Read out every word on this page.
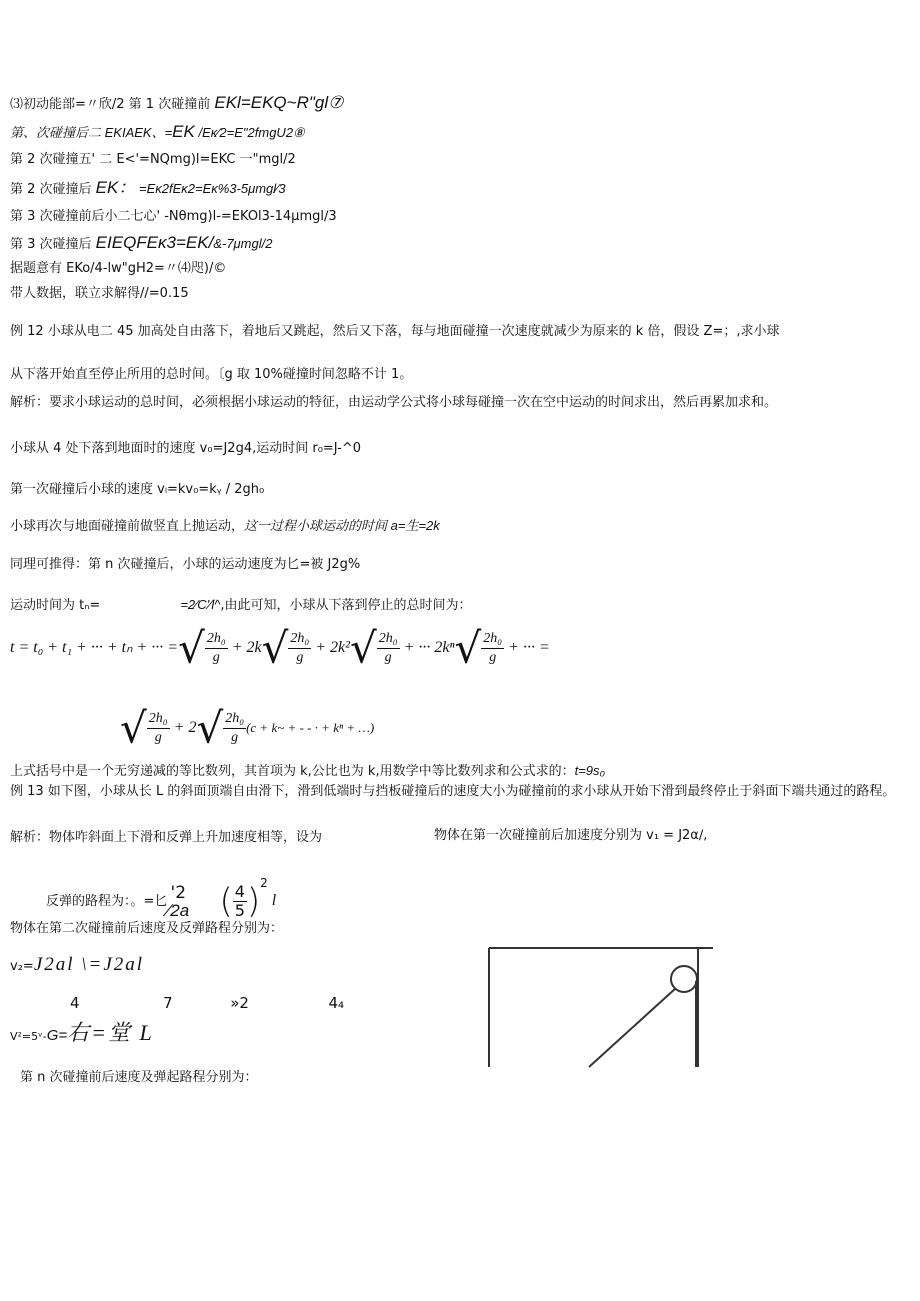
⑶初动能部=〃欣/2 第 1 次碰撞前 EKl=EKQ~R"gl⑦
第、次碰撞后二 EKIAEK、=EK /Eκ∕2=E"2fmgU2⑧
第 2 次碰撞五' 二 E<'=NQmg)l=EKC 一"mgl/2
第 2 次碰撞后 EK： =Eκ2fEκ2=Eκ%3-5μmgl∕3
第 3 次碰撞前后小二七心' -Nθmg)l-=EKOl3-14μmgl∕3
第 3 次碰撞后 EIEQFEκ3=EK/&-7μmgl/2
据题意有 EKo/4-lw"gH2=〃⑷咫)/©
带人数据，联立求解得//=0.15
例 12 小球从电二 45 加高处自由落下，着地后又跳起，然后又下落，每与地面碰撞一次速度就减少为原来的 k 倍，假设 Z=；,求小球
从下落开始直至停止所用的总时间。〔g 取 10%碰撞时间忽略不计 1。
解析：要求小球运动的总时间，必须根据小球运动的特征，由运动学公式将小球每碰撞一次在空中运动的时间求出，然后再累加求和。
小球从 4 处下落到地面时的速度 v₀=J2g4,运动时间 r₀=J-^0
第一次碰撞后小球的速度 vₗ=kv₀=kᵧ / 2gh₀
小球再次与地面碰撞前做竖直上抛运动，这一过程小球运动的时间 a=生=2k
同理可推得：第 n 次碰撞后，小球的运动速度为匕=被 J2g%
运动时间为 tₙ=	=2∕C'∕l^,由此可知，小球从下落到停止的总时间为：
t = t₀ + t₁ + ··· + tₙ + ··· =√ $\frac{\text{2h₀}}{g} + 2k√ \frac{\text{2h₀}}{g} + 2k^2√ \frac{\text{2h₀}}{g}$ + ··· $2k^n√ \frac{\text{2h₀}}{g}$ + ··· =
√ $\frac{\text{2h₀}}{g} + 2√ \frac{\text{2h₀}}{g} (c$ + k~ + - - · + kⁿ + …)
上式括号中是一个无穷递减的等比数列，其首项为 k,公比也为 k,用数学中等比数列求和公式求的：t=9s₀
例 13 如下图，小球从长 L 的斜面顶端自由滑下，滑到低端时与挡板碰撞后的速度大小为碰撞前的求小球从开始下滑到最终停止于斜面下端共通过的路程。
解析：物体咋斜面上下滑和反弹上升加速度相等，设为	物体在第一次碰撞前后加速度分别为 v₁ = J2α∕,
反弹的路程为：。=匕 '2
∕2a ( $\frac{4}{5} )^2l$
物体在第二次碰撞前后速度及反弹路程分别为：
v₂=J2al \=J2al
4	7	»2	4₄
V²=5ᵛ-G=右=堂 L
第 n 次碰撞前后速度及弹起路程分别为：
